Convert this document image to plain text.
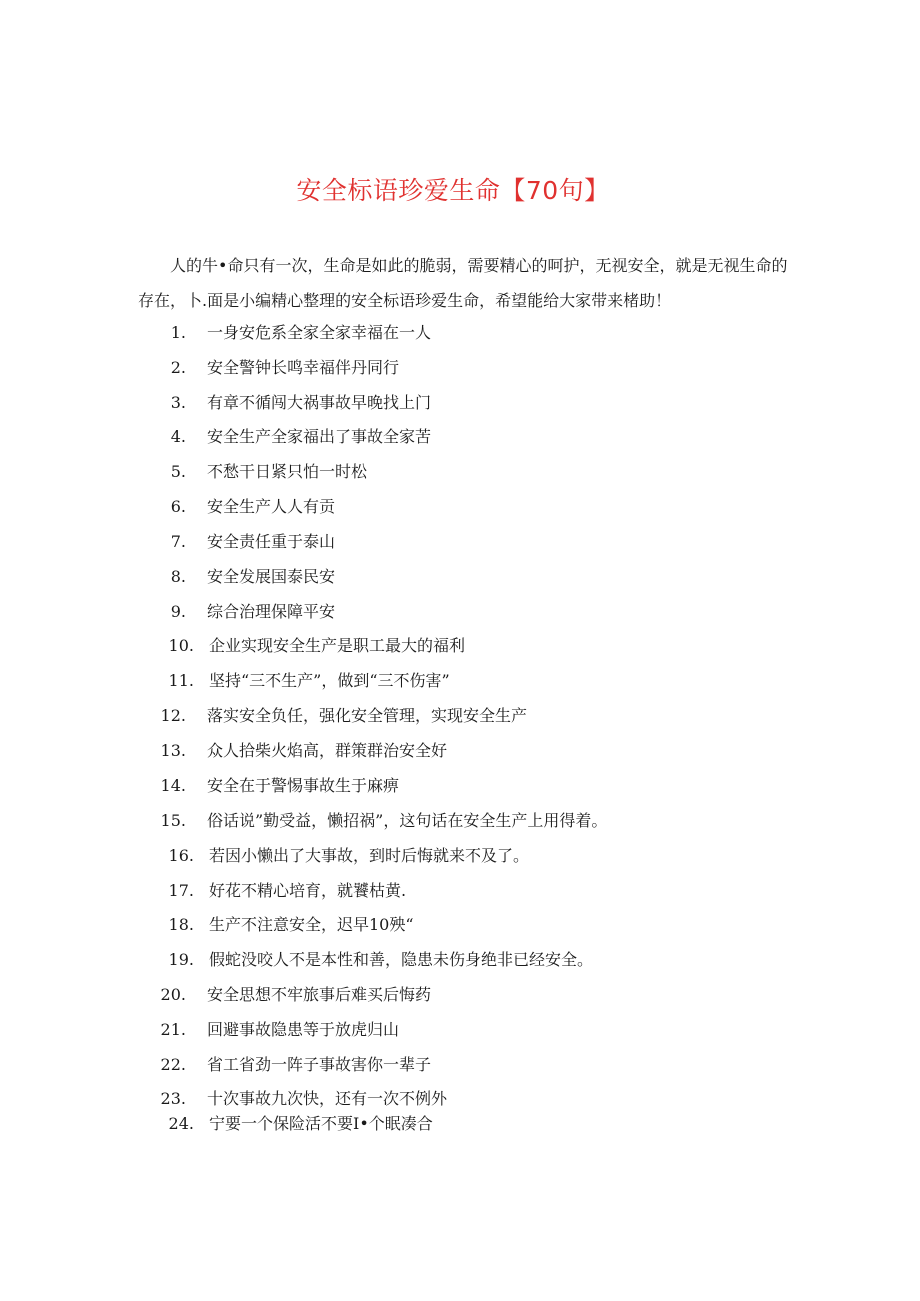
安全标语珍爱生命【70句】

人的牛•命只有一次，生命是如此的脆弱，需要精心的呵护，无视安全，就是无视生命的存在，卜.面是小编精心整理的安全标语珍爱生命，希望能给大家带来楮助！

1. 一身安危系全家全家幸福在一人
2. 安全警钟长鸣幸福伴丹同行
3. 有章不循闯大祸事故早晚找上门
4. 安全生产全家福出了事故全家苦
5. 不愁干日紧只怕一时松
6. 安全生产人人有贡
7. 安全责任重于泰山
8. 安全发展国泰民安
9. 综合治理保障平安
10. 企业实现安全生产是职工最大的福利
11. 坚持“三不生产”，做到“三不伤害”
12. 落实安全负任，强化安全管理，实现安全生产
13. 众人拾柴火焰高，群策群治安全好
14. 安全在于警惕事故生于麻痹
15. 俗话说”勤受益，懒招祸”，这句话在安全生产上用得着。
16. 若因小懒出了大事故，到时后悔就来不及了。
17. 好花不精心培育，就饕枯黄.
18. 生产不注意安全，迟早10殃“
19. 假蛇没咬人不是本性和善，隐患未伤身绝非已经安全。
20. 安全思想不牢旅事后难买后悔药
21. 回避事故隐患等于放虎归山
22. 省工省劲一阵子事故害你一辈子
23. 十次事故九次快，还有一次不例外
24. 宁要一个保险活不要I•个眠凑合
